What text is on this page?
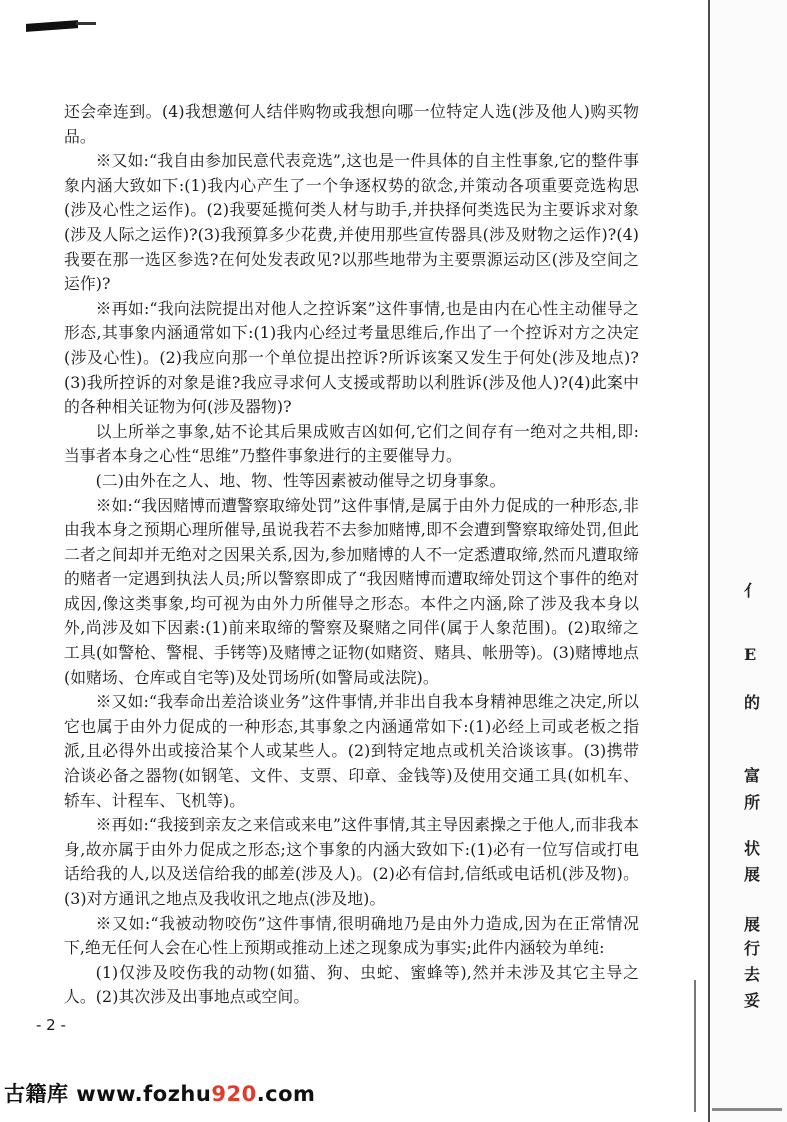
还会牵连到。(4)我想邀何人结伴购物或我想向哪一位特定人选(涉及他人)购买物品。

※又如:“我自由参加民意代表竞选”,这也是一件具体的自主性事象,它的整件事象内涵大致如下:(1)我内心产生了一个争逐权势的欲念,并策动各项重要竞选构思(涉及心性之运作)。(2)我要延揽何类人材与助手,并抉择何类选民为主要诉求对象(涉及人际之运作)?(3)我预算多少花费,并使用那些宣传器具(涉及财物之运作)?(4)我要在那一选区参选?在何处发表政见?以那些地带为主要票源运动区(涉及空间之运作)?

※再如:“我向法院提出对他人之控诉案”这件事情,也是由内在心性主动催导之形态,其事象内涵通常如下:(1)我内心经过考量思维后,作出了一个控诉对方之决定(涉及心性)。(2)我应向那一个单位提出控诉?所诉该案又发生于何处(涉及地点)?(3)我所控诉的对象是谁?我应寻求何人支援或帮助以利胜诉(涉及他人)?(4)此案中的各种相关证物为何(涉及器物)?

以上所举之事象,姑不论其后果成败吉凶如何,它们之间存有一绝对之共相,即:当事者本身之心性“思维”乃整件事象进行的主要催导力。

(二)由外在之人、地、物、性等因素被动催导之切身事象。

※如:“我因赌博而遭警察取缔处罚”这件事情,是属于由外力促成的一种形态,非由我本身之预期心理所催导,虽说我若不去参加赌博,即不会遭到警察取缔处罚,但此二者之间却并无绝对之因果关系,因为,参加赌博的人不一定悉遭取缔,然而凡遭取缔的赌者一定遇到执法人员;所以警察即成了“我因赌博而遭取缔处罚这个事件的绝对成因,像这类事象,均可视为由外力所催导之形态。本件之内涵,除了涉及我本身以外,尚涉及如下因素:(1)前来取缔的警察及聚赌之同伴(属于人象范围)。(2)取缔之工具(如警枪、警棍、手铐等)及赌博之证物(如赌资、赌具、帐册等)。(3)赌博地点(如赌场、仓库或自宅等)及处罚场所(如警局或法院)。

※又如:“我奉命出差洽谈业务”这件事情,并非出自我本身精神思维之决定,所以它也属于由外力促成的一种形态,其事象之内涵通常如下:(1)必经上司或老板之指派,且必得外出或接洽某个人或某些人。(2)到特定地点或机关洽谈该事。(3)携带洽谈必备之器物(如钢笔、文件、支票、印章、金钱等)及使用交通工具(如机车、轿车、计程车、飞机等)。

※再如:“我接到亲友之来信或来电”这件事情,其主导因素操之于他人,而非我本身,故亦属于由外力促成之形态;这个事象的内涵大致如下:(1)必有一位写信或打电话给我的人,以及送信给我的邮差(涉及人)。(2)必有信封,信纸或电话机(涉及物)。(3)对方通讯之地点及我收讯之地点(涉及地)。

※又如:“我被动物咬伤”这件事情,很明确地乃是由外力造成,因为在正常情况下,绝无任何人会在心性上预期或推动上述之现象成为事实;此件内涵较为单纯:

(1)仅涉及咬伤我的动物(如猫、狗、虫蛇、蜜蜂等),然并未涉及其它主导之人。(2)其次涉及出事地点或空间。

- 2 -
亻
E
的
富
所
状
展
展
行
去
妥
古籍库 www.fozhu920.com
